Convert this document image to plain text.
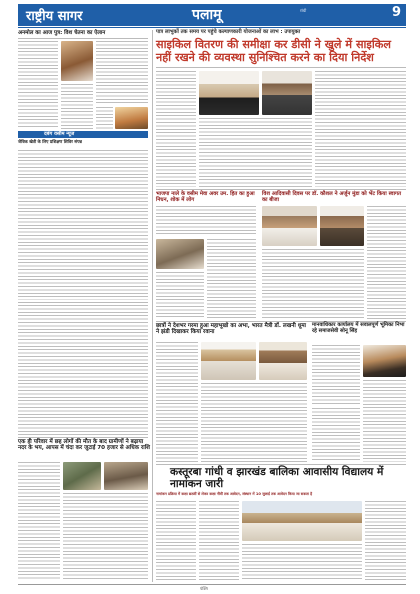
राष्ट्रीय सागर	पलामू	रांची	9
अनमोल का आज पुत्र: विश चेतना का ऐलान
दबंग वसीम न्यूज
जैविक खेती के लिए प्रशिक्षण शिविर संपन्न
एक ही परिवार में छह लोगों की मौत के बाद ग्रामीणों ने बढ़ाया नदर के भय, आपस में चंदा कर जुटाई 70 हजार से अधिक राशि
पात्र लाभुकों तक समय पर पहुंचे कल्याणकारी योजनाओं का लाभ : उपायुक्त
साइकिल वितरण की समीक्षा कर डीसी ने खुले में साइकिल नहीं रखने की व्यवस्था सुनिश्चित करने का दिया निर्देश
भाजपा नाले के वसीम मेवा अवर उम. हित का हुआ निधन, शोक में लोग
विश आदिवासी दिवस पर डॉ. कौशल ने अर्जुन मुंडा को भेंट किया स्वागत का बीजा
छात्रों ने देशभर गरमा हुआ महाभूखो का अभा, भारत मैत्री डॉ. लखनी धूमा ने झंडी दिखाकर किया रवाना
मानवाधिकार कार्यालय में सवालपूर्ण भूमिका निभा रहे समाजसेवी सोनू सिंह
कस्तूरबा गांधी व झारखंड बालिका आवासीय विद्यालय में नामांकन जारी
नामांकन प्रक्रिया में कक्षा छठवीं से लेकर कक्षा नौवीं तक आवेदन, संस्थान में 10 जुलाई तक आवेदन किया जा सकता है
पंक्ति
